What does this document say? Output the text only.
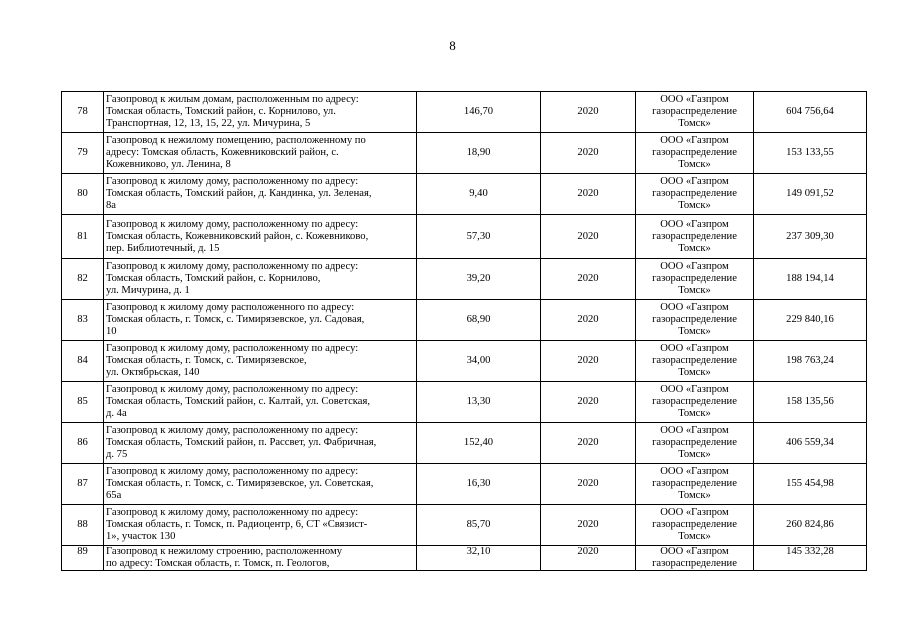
8
78	Газопровод к жилым домам, расположенным по адресу:
Томская область, Томский район, с. Корнилово, ул.
Транспортная, 12, 13, 15, 22, ул. Мичурина, 5	146,70	2020	ООО «Газпром
газораспределение
Томск»	604 756,64
79	Газопровод к нежилому помещению, расположенному по
адресу: Томская область, Кожевниковский район, с.
Кожевниково, ул. Ленина, 8	18,90	2020	ООО «Газпром
газораспределение
Томск»	153 133,55
80	Газопровод к жилому дому, расположенному по адресу:
Томская область, Томский район, д. Кандинка, ул. Зеленая,
8а	9,40	2020	ООО «Газпром
газораспределение
Томск»	149 091,52
81	Газопровод к жилому дому, расположенному по адресу:
Томская область, Кожевниковский район, с. Кожевниково,
пер. Библиотечный, д. 15	57,30	2020	ООО «Газпром
газораспределение
Томск»	237 309,30
82	Газопровод к жилому дому, расположенному по адресу:
Томская область, Томский район, с. Корнилово,
ул. Мичурина, д. 1	39,20	2020	ООО «Газпром
газораспределение
Томск»	188 194,14
83	Газопровод к жилому дому расположенного по адресу:
Томская область, г. Томск, с. Тимирязевское, ул. Садовая,
10	68,90	2020	ООО «Газпром
газораспределение
Томск»	229 840,16
84	Газопровод к жилому дому, расположенному по адресу:
Томская область, г. Томск, с. Тимирязевское,
ул. Октябрьская, 140	34,00	2020	ООО «Газпром
газораспределение
Томск»	198 763,24
85	Газопровод к жилому дому, расположенному по адресу:
Томская область, Томский район, с. Калтай, ул. Советская,
д. 4а	13,30	2020	ООО «Газпром
газораспределение
Томск»	158 135,56
86	Газопровод к жилому дому, расположенному по адресу:
Томская область, Томский район, п. Рассвет, ул. Фабричная,
д. 75	152,40	2020	ООО «Газпром
газораспределение
Томск»	406 559,34
87	Газопровод к жилому дому, расположенному по адресу:
Томская область, г. Томск, с. Тимирязевское, ул. Советская,
65а	16,30	2020	ООО «Газпром
газораспределение
Томск»	155 454,98
88	Газопровод к жилому дому, расположенному по адресу:
Томская область, г. Томск, п. Радиоцентр, 6, СТ «Связист-
1», участок 130	85,70	2020	ООО «Газпром
газораспределение
Томск»	260 824,86
89	Газопровод к нежилому строению, расположенному
по адресу: Томская область, г. Томск, п. Геологов,	32,10	2020	ООО «Газпром
газораспределение	145 332,28
